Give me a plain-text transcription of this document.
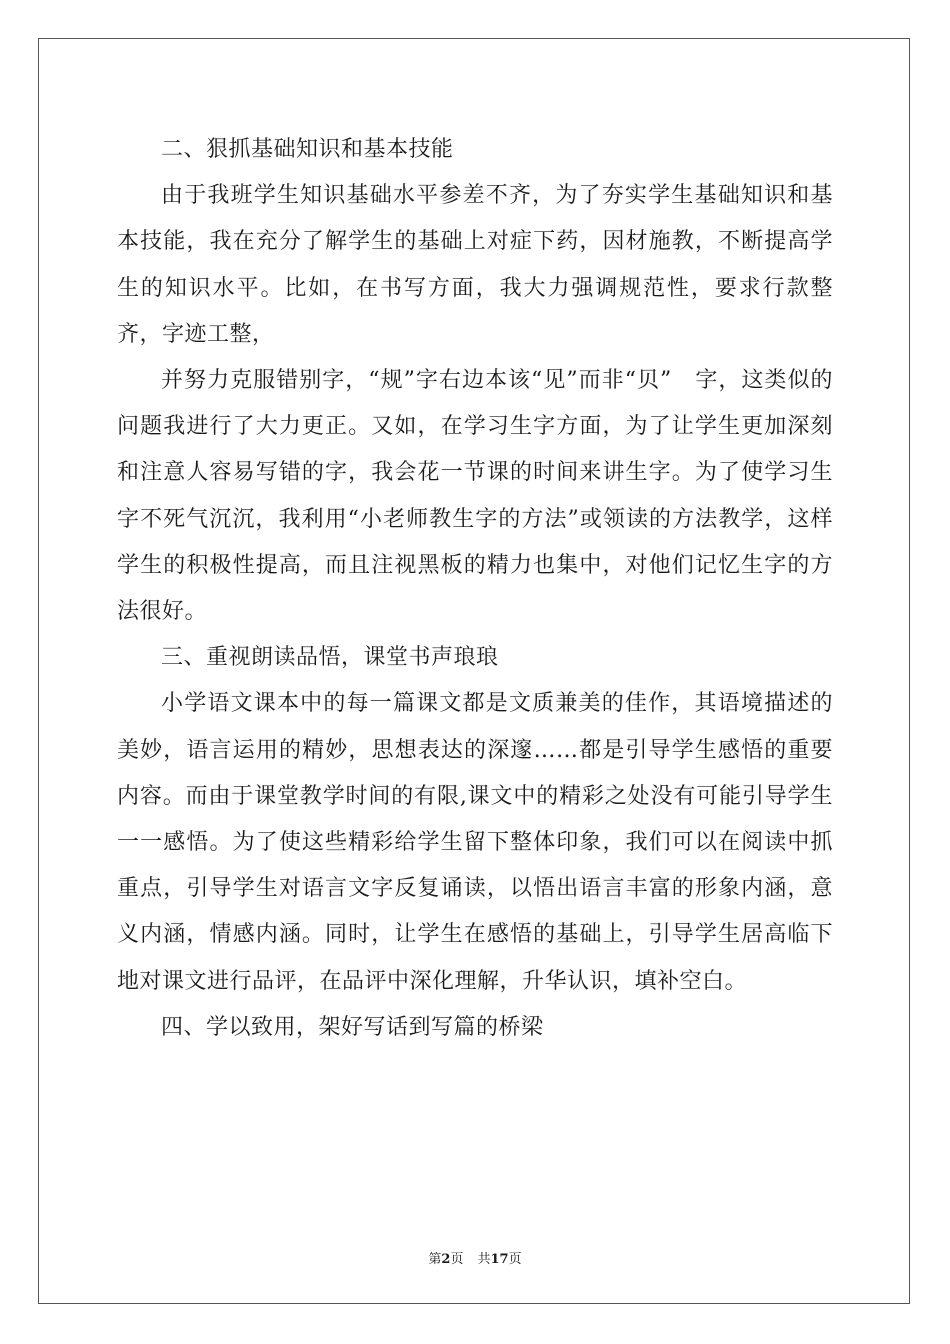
二、狠抓基础知识和基本技能

由于我班学生知识基础水平参差不齐，为了夯实学生基础知识和基本技能，我在充分了解学生的基础上对症下药，因材施教，不断提高学生的知识水平。比如，在书写方面，我大力强调规范性，要求行款整齐，字迹工整，

并努力克服错别字，“规”字右边本该“见”而非“贝”　字，这类似的问题我进行了大力更正。又如，在学习生字方面，为了让学生更加深刻和注意人容易写错的字，我会花一节课的时间来讲生字。为了使学习生字不死气沉沉，我利用“小老师教生字的方法”或领读的方法教学，这样学生的积极性提高，而且注视黑板的精力也集中，对他们记忆生字的方法很好。

三、重视朗读品悟，课堂书声琅琅

小学语文课本中的每一篇课文都是文质兼美的佳作，其语境描述的美妙，语言运用的精妙，思想表达的深邃……都是引导学生感悟的重要内容。而由于课堂教学时间的有限,课文中的精彩之处没有可能引导学生一一感悟。为了使这些精彩给学生留下整体印象，我们可以在阅读中抓重点，引导学生对语言文字反复诵读，以悟出语言丰富的形象内涵，意义内涵，情感内涵。同时，让学生在感悟的基础上，引导学生居高临下地对课文进行品评，在品评中深化理解，升华认识，填补空白。

四、学以致用，架好写话到写篇的桥梁

第2页 共17页
